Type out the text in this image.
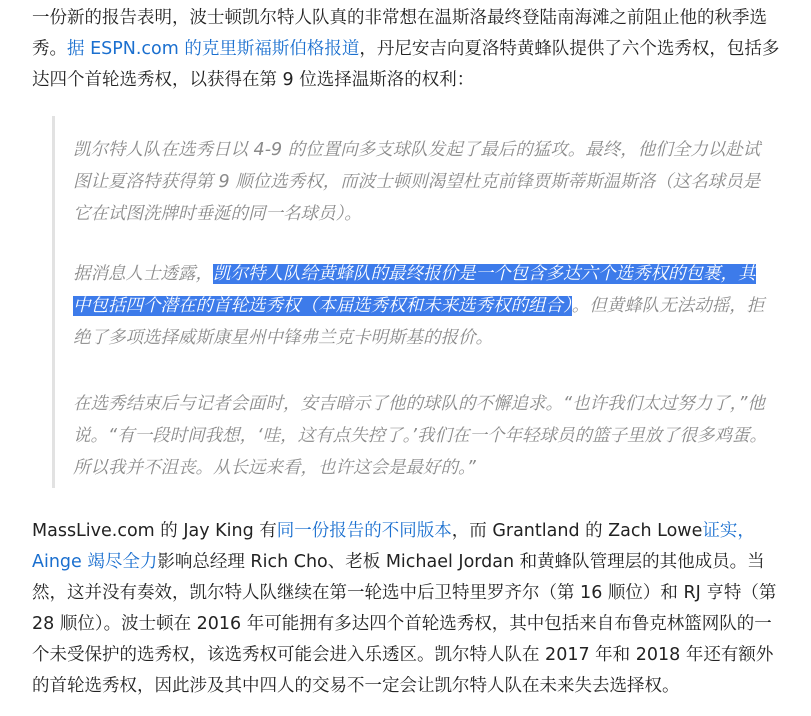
一份新的报告表明，波士顿凯尔特人队真的非常想在温斯洛最终登陆南海滩之前阻止他的秋季选秀。据 ESPN.com 的克里斯福斯伯格报道，丹尼安吉向夏洛特黄蜂队提供了六个选秀权，包括多达四个首轮选秀权，以获得在第 9 位选择温斯洛的权利：

凯尔特人队在选秀日以 4-9 的位置向多支球队发起了最后的猛攻。最终，他们全力以赴试图让夏洛特获得第 9 顺位选秀权，而波士顿则渴望杜克前锋贾斯蒂斯温斯洛（这名球员是它在试图洗牌时垂涎的同一名球员）。

据消息人士透露，凯尔特人队给黄蜂队的最终报价是一个包含多达六个选秀权的包裹，其中包括四个潜在的首轮选秀权（本届选秀权和未来选秀权的组合）。但黄蜂队无法动摇，拒绝了多项选择威斯康星州中锋弗兰克卡明斯基的报价。

在选秀结束后与记者会面时，安吉暗示了他的球队的不懈追求。“也许我们太过努力了，”他说。“有一段时间我想，‘哇，这有点失控了。’我们在一个年轻球员的篮子里放了很多鸡蛋。所以我并不沮丧。从长远来看，也许这会是最好的。”

MassLive.com 的 Jay King 有同一份报告的不同版本，而 Grantland 的 Zach Lowe证实，Ainge 竭尽全力影响总经理 Rich Cho、老板 Michael Jordan 和黄蜂队管理层的其他成员。当然，这并没有奏效，凯尔特人队继续在第一轮选中后卫特里罗齐尔（第 16 顺位）和 RJ 亨特（第 28 顺位）。波士顿在 2016 年可能拥有多达四个首轮选秀权，其中包括来自布鲁克林篮网队的一个未受保护的选秀权，该选秀权可能会进入乐透区。凯尔特人队在 2017 年和 2018 年还有额外的首轮选秀权，因此涉及其中四人的交易不一定会让凯尔特人队在未来失去选择权。
